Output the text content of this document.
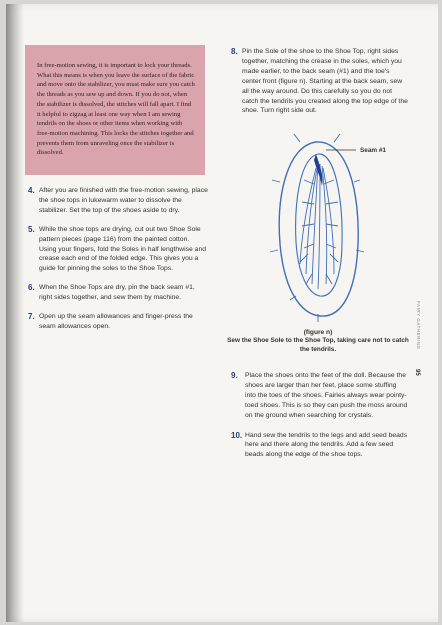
In free-motion sewing, it is important to lock your threads. What this means is when you leave the surface of the fabric and move onto the stabilizer, you must make sure you catch the threads as you sew up and down. If you do not, when the stabilizer is dissolved, the stitches will fall apart. I find it helpful to zigzag at least one way when I am sewing tendrils on the shoes or other items when working with free-motion machining. This locks the stitches together and prevents them from unraveling once the stabilizer is dissolved.

4. After you are finished with the free-motion sewing, place the shoe tops in lukewarm water to dissolve the stabilizer. Set the top of the shoes aside to dry.
5. While the shoe tops are drying, cut out two Shoe Sole pattern pieces (page 116) from the painted cotton. Using your fingers, fold the Soles in half lengthwise and crease each end of the folded edge. This gives you a guide for pinning the soles to the Shoe Tops.
6. When the Shoe Tops are dry, pin the back seam #1, right sides together, and sew them by machine.
7. Open up the seam allowances and finger-press the seam allowances open.
8. Pin the Sole of the shoe to the Shoe Top, right sides together, matching the crease in the soles, which you made earlier, to the back seam (#1) and the toe's center front (figure n). Starting at the back seam, sew all the way around. Do this carefully so you do not catch the tendrils you created along the top edge of the shoe. Turn right side out.
Seam #1
(figure n)
Sew the Shoe Sole to the Shoe Top, taking care not to catch the tendrils.
9.	Place the shoes onto the feet of the doll. Because the shoes are larger than her feet, place some stuffing into the toes of the shoes. Fairies always wear pointy-toed shoes. This is so they can push the moss around on the ground when searching for crystals.
10. Hand sew the tendrils to the legs and add seed beads here and there along the tendrils. Add a few seed beads along the edge of the shoe tops.
FAIRY GATHERING
95
